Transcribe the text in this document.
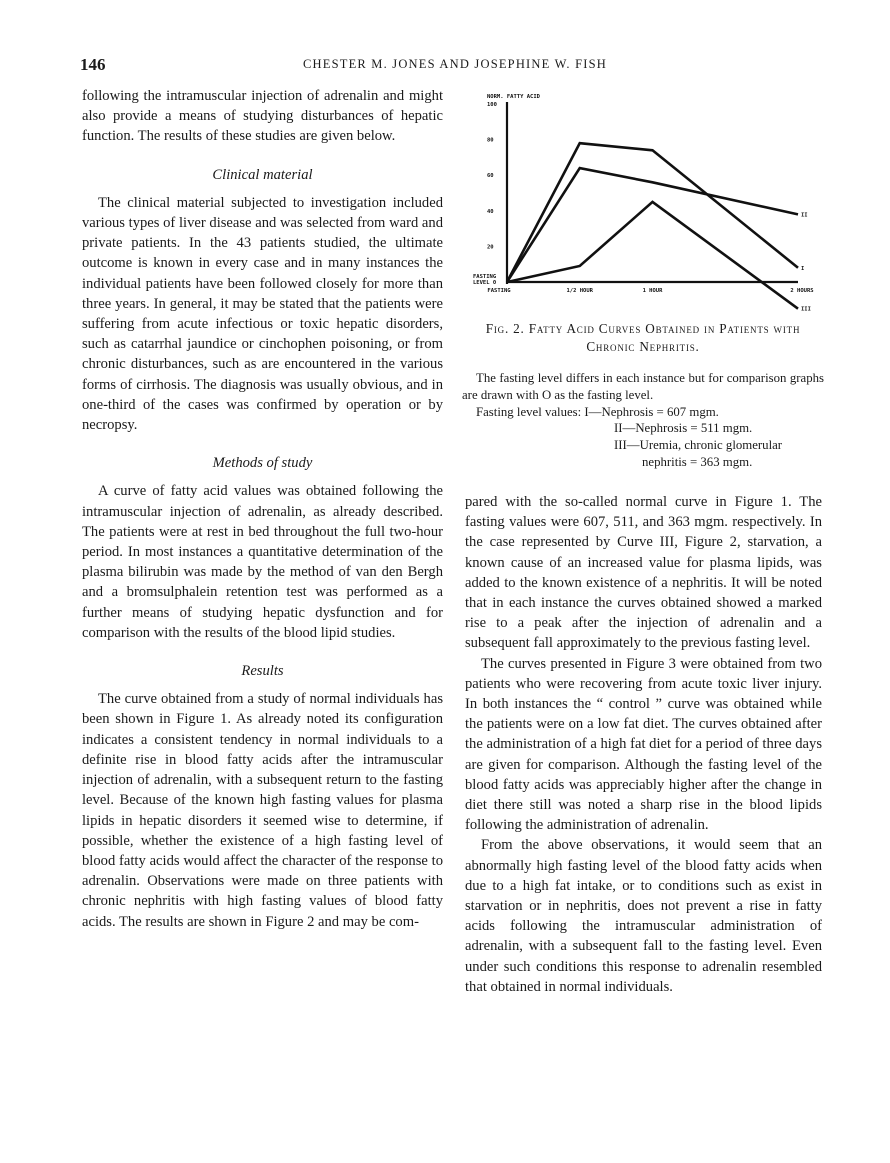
146	CHESTER M. JONES AND JOSEPHINE W. FISH

following the intramuscular injection of adrenalin and might also provide a means of studying disturbances of hepatic function. The results of these studies are given below.

Clinical material

The clinical material subjected to investigation included various types of liver disease and was selected from ward and private patients. In the 43 patients studied, the ultimate outcome is known in every case and in many instances the individual patients have been followed closely for more than three years. In general, it may be stated that the patients were suffering from acute infectious or toxic hepatic disorders, such as catarrhal jaundice or cinchophen poisoning, or from chronic disturbances, such as are encountered in the various forms of cirrhosis. The diagnosis was usually obvious, and in one-third of the cases was confirmed by operation or by necropsy.

Methods of study

A curve of fatty acid values was obtained following the intramuscular injection of adrenalin, as already described. The patients were at rest in bed throughout the full two-hour period. In most instances a quantitative determination of the plasma bilirubin was made by the method of van den Bergh and a bromsulphalein retention test was performed as a further means of studying hepatic dysfunction and for comparison with the results of the blood lipid studies.

Results

The curve obtained from a study of normal individuals has been shown in Figure 1. As already noted its configuration indicates a consistent tendency in normal individuals to a definite rise in blood fatty acids after the intramuscular injection of adrenalin, with a subsequent return to the fasting level. Because of the known high fasting values for plasma lipids in hepatic disorders it seemed wise to determine, if possible, whether the existence of a high fasting level of blood fatty acids would affect the character of the response to adrenalin. Observations were made on three patients with chronic nephritis with high fasting values of blood fatty acids. The results are shown in Figure 2 and may be com-

NORM. FATTY ACID
FASTING
LEVEL 0
20
40
60
80
100
FASTING	1/2 HOUR	1 HOUR	2 HOURS
I
II
III
Fig. 2. Fatty Acid Curves Obtained in Patients with Chronic Nephritis.
The fasting level differs in each instance but for comparison graphs are drawn with O as the fasting level.
Fasting level values: I—Nephrosis = 607 mgm.
II—Nephrosis = 511 mgm.
III—Uremia, chronic glomerular
nephritis = 363 mgm.

pared with the so-called normal curve in Figure 1. The fasting values were 607, 511, and 363 mgm. respectively. In the case represented by Curve III, Figure 2, starvation, a known cause of an increased value for plasma lipids, was added to the known existence of a nephritis. It will be noted that in each instance the curves obtained showed a marked rise to a peak after the injection of adrenalin and a subsequent fall approximately to the previous fasting level.

The curves presented in Figure 3 were obtained from two patients who were recovering from acute toxic liver injury. In both instances the “ control ” curve was obtained while the patients were on a low fat diet. The curves obtained after the administration of a high fat diet for a period of three days are given for comparison. Although the fasting level of the blood fatty acids was appreciably higher after the change in diet there still was noted a sharp rise in the blood lipids following the administration of adrenalin.

From the above observations, it would seem that an abnormally high fasting level of the blood fatty acids when due to a high fat intake, or to conditions such as exist in starvation or in nephritis, does not prevent a rise in fatty acids following the intramuscular administration of adrenalin, with a subsequent fall to the fasting level. Even under such conditions this response to adrenalin resembled that obtained in normal individuals.
